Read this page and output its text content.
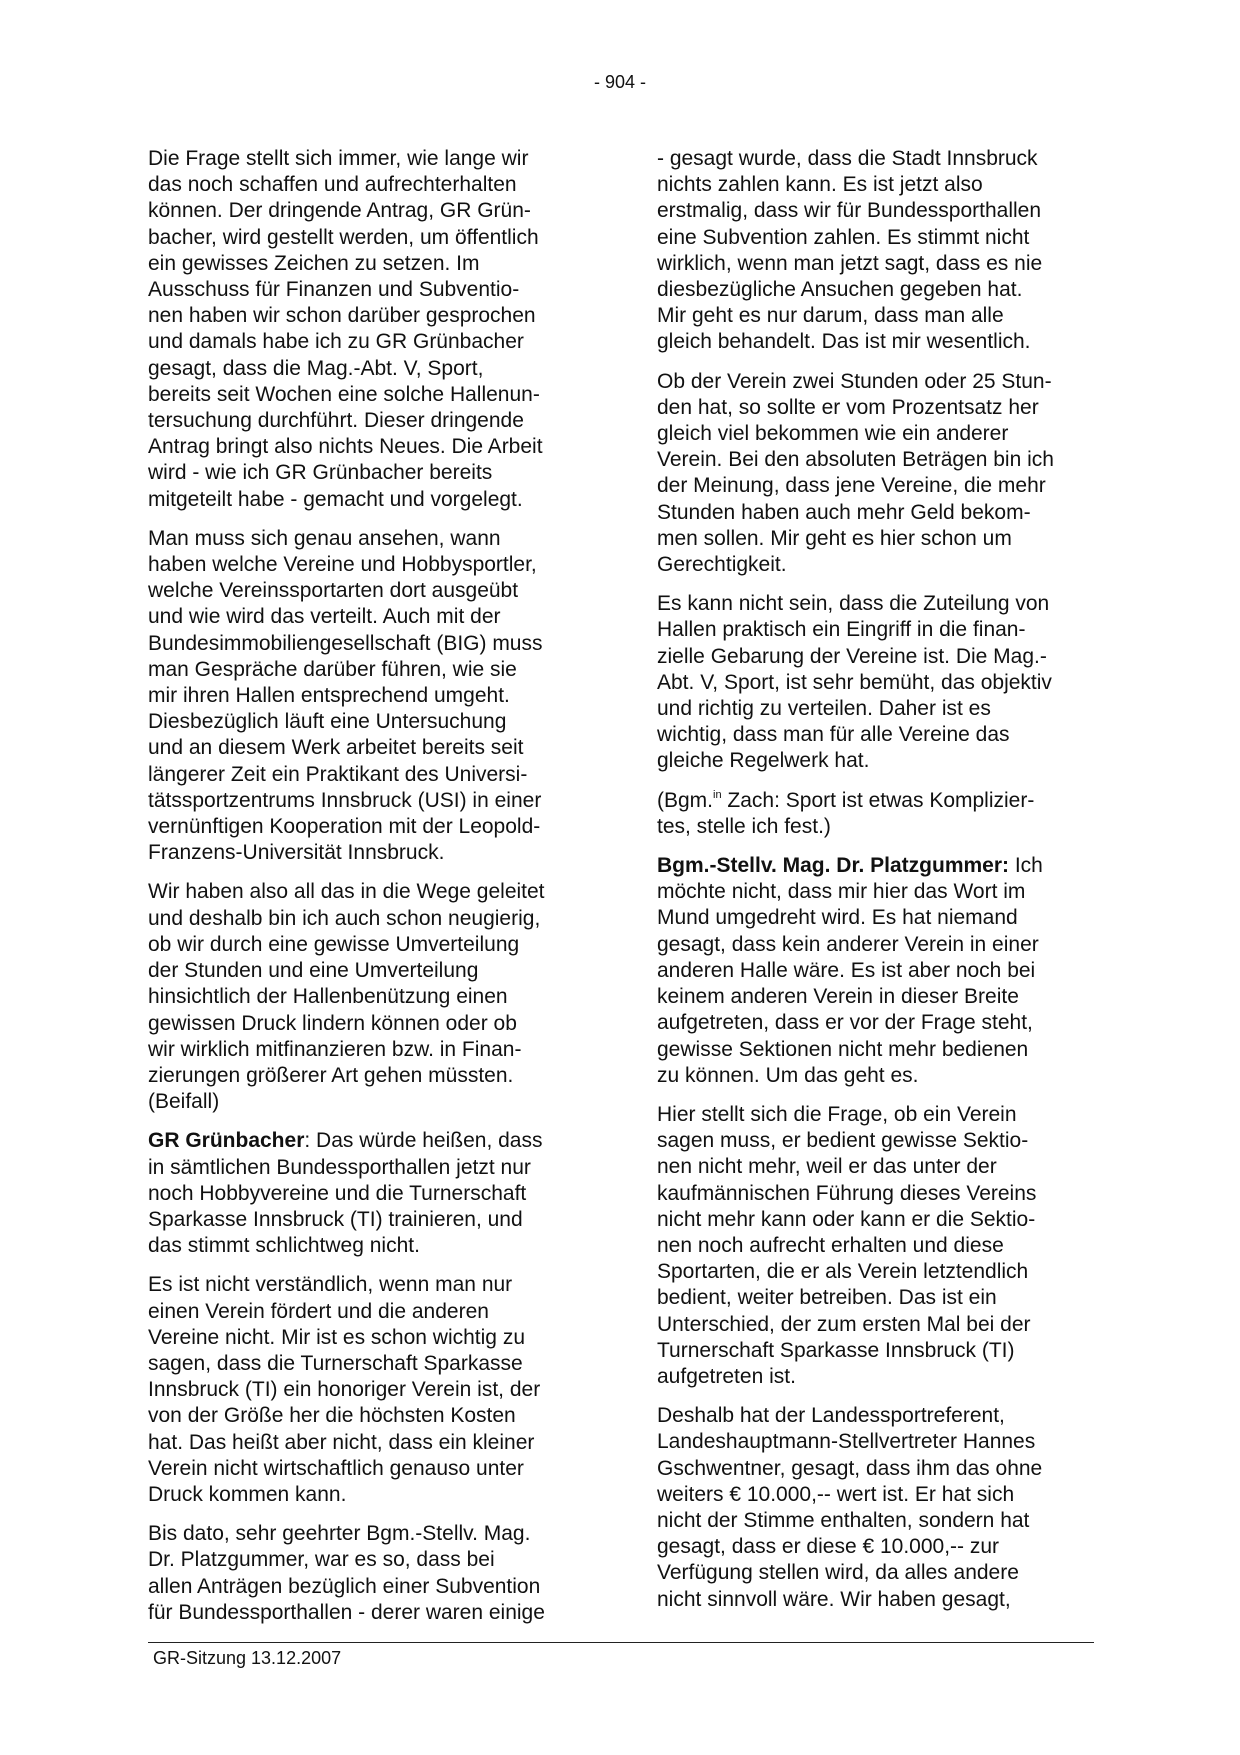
- 904 -

Die Frage stellt sich immer, wie lange wir
das noch schaffen und aufrechterhalten
können. Der dringende Antrag, GR Grün-
bacher, wird gestellt werden, um öffentlich
ein gewisses Zeichen zu setzen. Im
Ausschuss für Finanzen und Subventio-
nen haben wir schon darüber gesprochen
und damals habe ich zu GR Grünbacher
gesagt, dass die Mag.-Abt. V, Sport,
bereits seit Wochen eine solche Hallenun-
tersuchung durchführt. Dieser dringende
Antrag bringt also nichts Neues. Die Arbeit
wird - wie ich GR Grünbacher bereits
mitgeteilt habe - gemacht und vorgelegt.

Man muss sich genau ansehen, wann
haben welche Vereine und Hobbysportler,
welche Vereinssportarten dort ausgeübt
und wie wird das verteilt. Auch mit der
Bundesimmobiliengesellschaft (BIG) muss
man Gespräche darüber führen, wie sie
mir ihren Hallen entsprechend umgeht.
Diesbezüglich läuft eine Untersuchung
und an diesem Werk arbeitet bereits seit
längerer Zeit ein Praktikant des Universi-
tätssportzentrums Innsbruck (USI) in einer
vernünftigen Kooperation mit der Leopold-
Franzens-Universität Innsbruck.

Wir haben also all das in die Wege geleitet
und deshalb bin ich auch schon neugierig,
ob wir durch eine gewisse Umverteilung
der Stunden und eine Umverteilung
hinsichtlich der Hallenbenützung einen
gewissen Druck lindern können oder ob
wir wirklich mitfinanzieren bzw. in Finan-
zierungen größerer Art gehen müssten.
(Beifall)

GR Grünbacher: Das würde heißen, dass
in sämtlichen Bundessporthallen jetzt nur
noch Hobbyvereine und die Turnerschaft
Sparkasse Innsbruck (TI) trainieren, und
das stimmt schlichtweg nicht.

Es ist nicht verständlich, wenn man nur
einen Verein fördert und die anderen
Vereine nicht. Mir ist es schon wichtig zu
sagen, dass die Turnerschaft Sparkasse
Innsbruck (TI) ein honoriger Verein ist, der
von der Größe her die höchsten Kosten
hat. Das heißt aber nicht, dass ein kleiner
Verein nicht wirtschaftlich genauso unter
Druck kommen kann.

Bis dato, sehr geehrter Bgm.-Stellv. Mag.
Dr. Platzgummer, war es so, dass bei
allen Anträgen bezüglich einer Subvention
für Bundessporthallen - derer waren einige

- gesagt wurde, dass die Stadt Innsbruck
nichts zahlen kann. Es ist jetzt also
erstmalig, dass wir für Bundessporthallen
eine Subvention zahlen. Es stimmt nicht
wirklich, wenn man jetzt sagt, dass es nie
diesbezügliche Ansuchen gegeben hat.
Mir geht es nur darum, dass man alle
gleich behandelt. Das ist mir wesentlich.

Ob der Verein zwei Stunden oder 25 Stun-
den hat, so sollte er vom Prozentsatz her
gleich viel bekommen wie ein anderer
Verein. Bei den absoluten Beträgen bin ich
der Meinung, dass jene Vereine, die mehr
Stunden haben auch mehr Geld bekom-
men sollen. Mir geht es hier schon um
Gerechtigkeit.

Es kann nicht sein, dass die Zuteilung von
Hallen praktisch ein Eingriff in die finan-
zielle Gebarung der Vereine ist. Die Mag.-
Abt. V, Sport, ist sehr bemüht, das objektiv
und richtig zu verteilen. Daher ist es
wichtig, dass man für alle Vereine das
gleiche Regelwerk hat.

(Bgm.$^{in}$ Zach: Sport ist etwas Komplizier-
tes, stelle ich fest.)

Bgm.-Stellv. Mag. Dr. Platzgummer: Ich
möchte nicht, dass mir hier das Wort im
Mund umgedreht wird. Es hat niemand
gesagt, dass kein anderer Verein in einer
anderen Halle wäre. Es ist aber noch bei
keinem anderen Verein in dieser Breite
aufgetreten, dass er vor der Frage steht,
gewisse Sektionen nicht mehr bedienen
zu können. Um das geht es.

Hier stellt sich die Frage, ob ein Verein
sagen muss, er bedient gewisse Sektio-
nen nicht mehr, weil er das unter der
kaufmännischen Führung dieses Vereins
nicht mehr kann oder kann er die Sektio-
nen noch aufrecht erhalten und diese
Sportarten, die er als Verein letztendlich
bedient, weiter betreiben. Das ist ein
Unterschied, der zum ersten Mal bei der
Turnerschaft Sparkasse Innsbruck (TI)
aufgetreten ist.

Deshalb hat der Landessportreferent,
Landeshauptmann-Stellvertreter Hannes
Gschwentner, gesagt, dass ihm das ohne
weiters € 10.000,-- wert ist. Er hat sich
nicht der Stimme enthalten, sondern hat
gesagt, dass er diese € 10.000,-- zur
Verfügung stellen wird, da alles andere
nicht sinnvoll wäre. Wir haben gesagt,

GR-Sitzung 13.12.2007
